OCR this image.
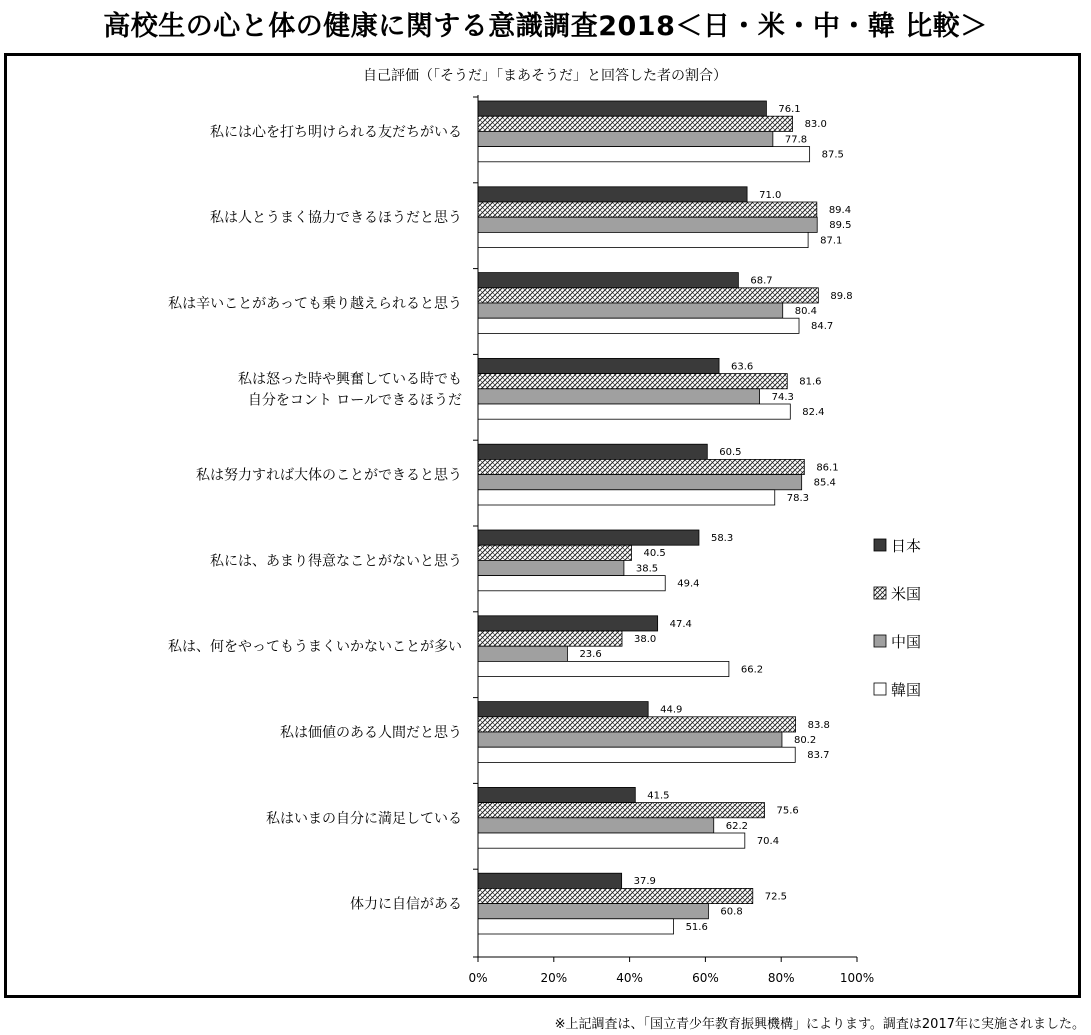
高校生の心と体の健康に関する意識調査2018＜日・米・中・韓 比較＞
自己評価（「そうだ」「まあそうだ」と回答した者の割合）
私には心を打ち明けられる友だちがいる
76.1
83.0
77.8
87.5
私は人とうまく協力できるほうだと思う
71.0
89.4
89.5
87.1
私は辛いことがあっても乗り越えられると思う
68.7
89.8
80.4
84.7
私は怒った時や興奮している時でも
自分をコント ロールできるほうだ
63.6
81.6
74.3
82.4
私は努力すれば大体のことができると思う
60.5
86.1
85.4
78.3
私には、あまり得意なことがないと思う
58.3
40.5
38.5
49.4
私は、何をやってもうまくいかないことが多い
47.4
38.0
23.6
66.2
私は価値のある人間だと思う
44.9
83.8
80.2
83.7
私はいまの自分に満足している
41.5
75.6
62.2
70.4
体力に自信がある
37.9
72.5
60.8
51.6
0%	20%	40%	60%	80%	100%
日本
米国
中国
韓国
※上記調査は、「国立青少年教育振興機構」によります。調査は2017年に実施されました。
